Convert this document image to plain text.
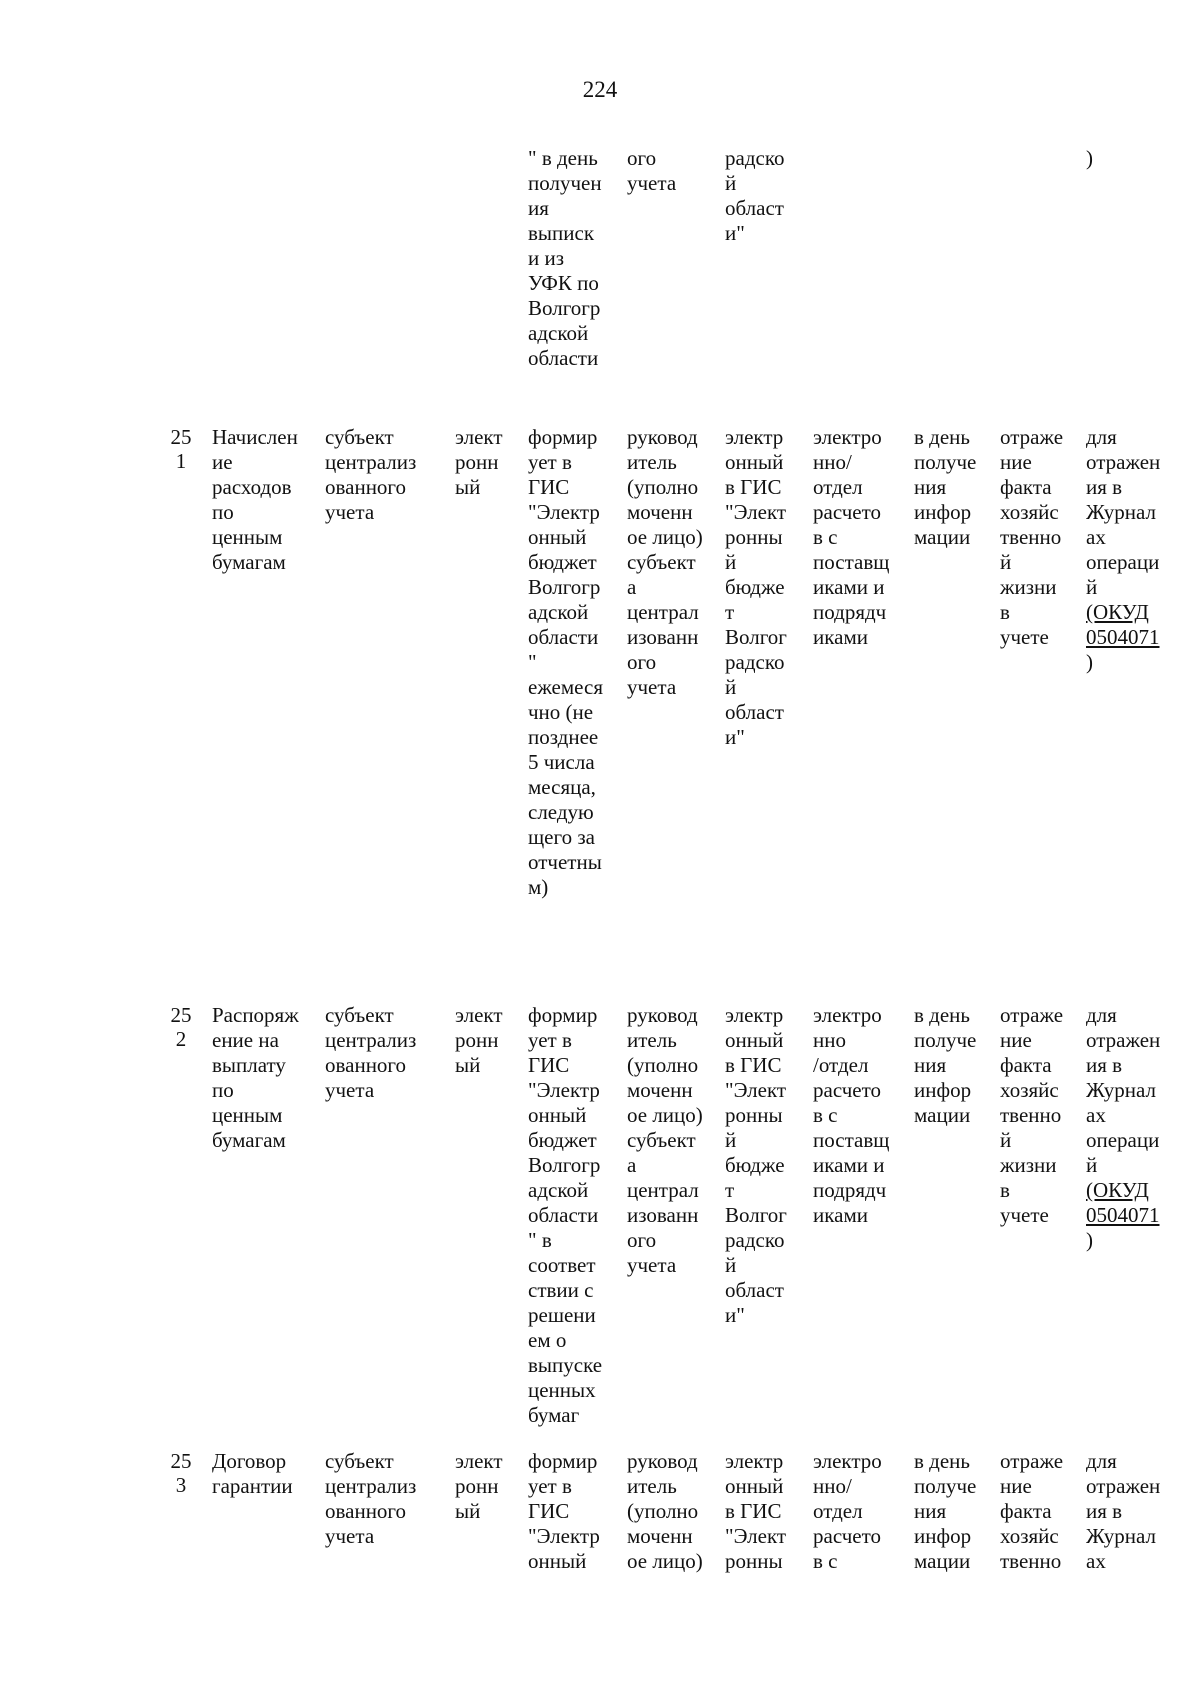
224
" в день
получен
ия
выписк
и из
УФК по
Волгогр
адской
области
ого
учета
радско
й
област
и"
)
25
1
Начислен
ие
расходов
по
ценным
бумагам
субъект
централиз
ованного
учета
элект
ронн
ый
формир
ует в
ГИС
"Электр
онный
бюджет
Волгогр
адской
области
"
ежемеся
чно (не
позднее
5 числа
месяца,
следую
щего за
отчетны
м)
руковод
итель
(уполно
моченн
ое лицо)
субъект
а
централ
изованн
ого
учета
электр
онный
в ГИС
"Элект
ронны
й
бюдже
т
Волгог
радско
й
област
и"
электро
нно/
отдел
расчето
в с
поставщ
иками и
подрядч
иками
в день
получе
ния
инфор
мации
отраже
ние
факта
хозяйс
твенно
й
жизни
в
учете
для
отражен
ия в
Журнал
ах
операци
й
(ОКУД
0504071
)
25
2
Распоряж
ение на
выплату
по
ценным
бумагам
субъект
централиз
ованного
учета
элект
ронн
ый
формир
ует в
ГИС
"Электр
онный
бюджет
Волгогр
адской
области
" в
соответ
ствии с
решени
ем о
выпуске
ценных
бумаг
руковод
итель
(уполно
моченн
ое лицо)
субъект
а
централ
изованн
ого
учета
электр
онный
в ГИС
"Элект
ронны
й
бюдже
т
Волгог
радско
й
област
и"
электро
нно
/отдел
расчето
в с
поставщ
иками и
подрядч
иками
в день
получе
ния
инфор
мации
отраже
ние
факта
хозяйс
твенно
й
жизни
в
учете
для
отражен
ия в
Журнал
ах
операци
й
(ОКУД
0504071
)
25
3
Договор
гарантии
субъект
централиз
ованного
учета
элект
ронн
ый
формир
ует в
ГИС
"Электр
онный
руковод
итель
(уполно
моченн
ое лицо)
электр
онный
в ГИС
"Элект
ронны
электро
нно/
отдел
расчето
в с
в день
получе
ния
инфор
мации
отраже
ние
факта
хозяйс
твенно
для
отражен
ия в
Журнал
ах
